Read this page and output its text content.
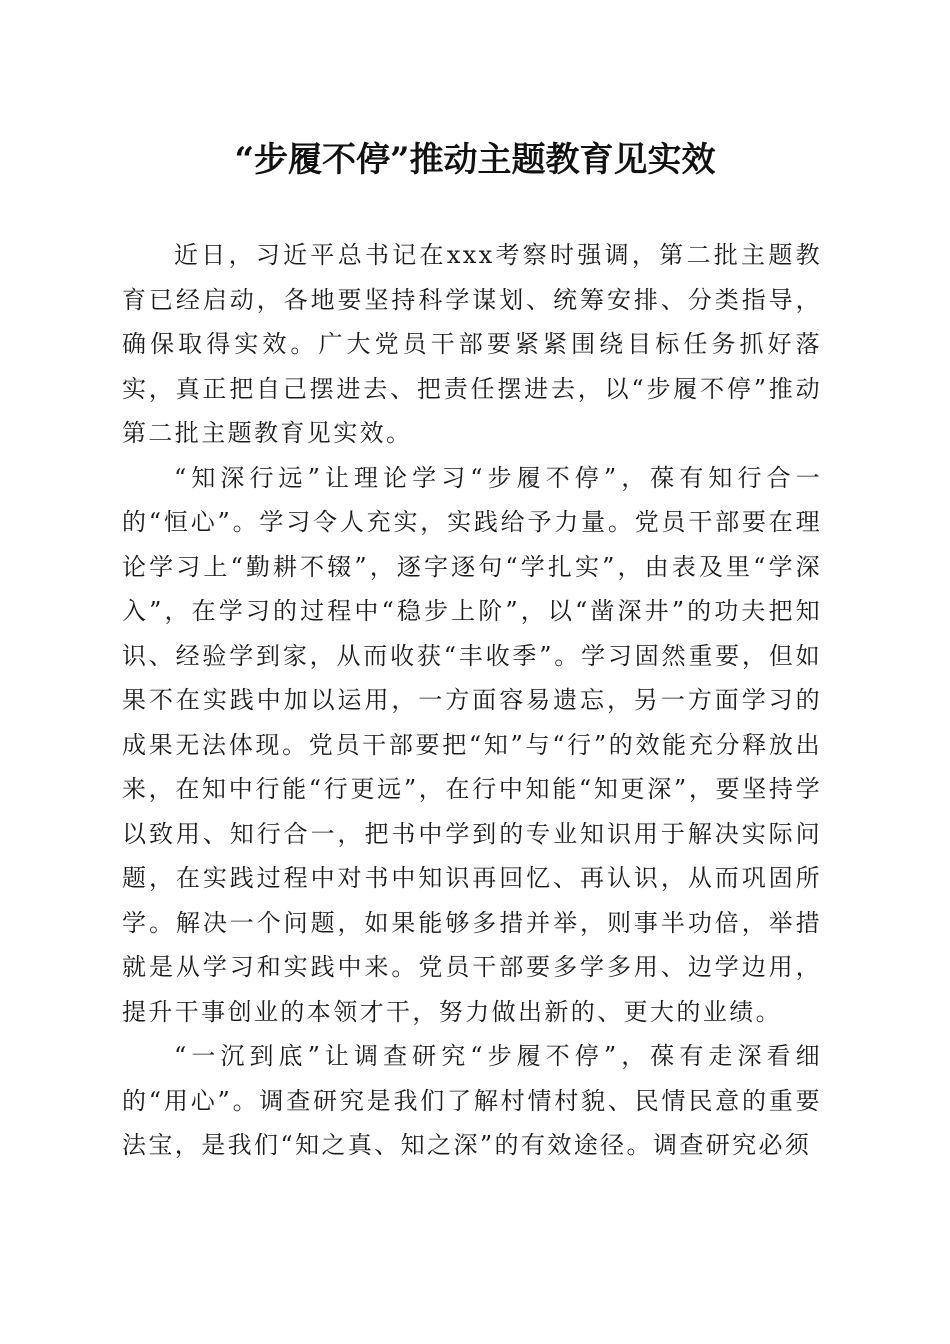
“步履不停”推动主题教育见实效

近日，习近平总书记在xxx考察时强调，第二批主题教育已经启动，各地要坚持科学谋划、统筹安排、分类指导，确保取得实效。广大党员干部要紧紧围绕目标任务抓好落实，真正把自己摆进去、把责任摆进去，以“步履不停”推动第二批主题教育见实效。

“知深行远”让理论学习“步履不停”，葆有知行合一的“恒心”。学习令人充实，实践给予力量。党员干部要在理论学习上“勤耕不辍”，逐字逐句“学扎实”，由表及里“学深入”，在学习的过程中“稳步上阶”，以“凿深井”的功夫把知识、经验学到家，从而收获“丰收季”。学习固然重要，但如果不在实践中加以运用，一方面容易遗忘，另一方面学习的成果无法体现。党员干部要把“知”与“行”的效能充分释放出来，在知中行能“行更远”，在行中知能“知更深”，要坚持学以致用、知行合一，把书中学到的专业知识用于解决实际问题，在实践过程中对书中知识再回忆、再认识，从而巩固所学。解决一个问题，如果能够多措并举，则事半功倍，举措就是从学习和实践中来。党员干部要多学多用、边学边用，提升干事创业的本领才干，努力做出新的、更大的业绩。

“一沉到底”让调查研究“步履不停”，葆有走深看细的“用心”。调查研究是我们了解村情村貌、民情民意的重要法宝，是我们“知之真、知之深”的有效途径。调查研究必须
